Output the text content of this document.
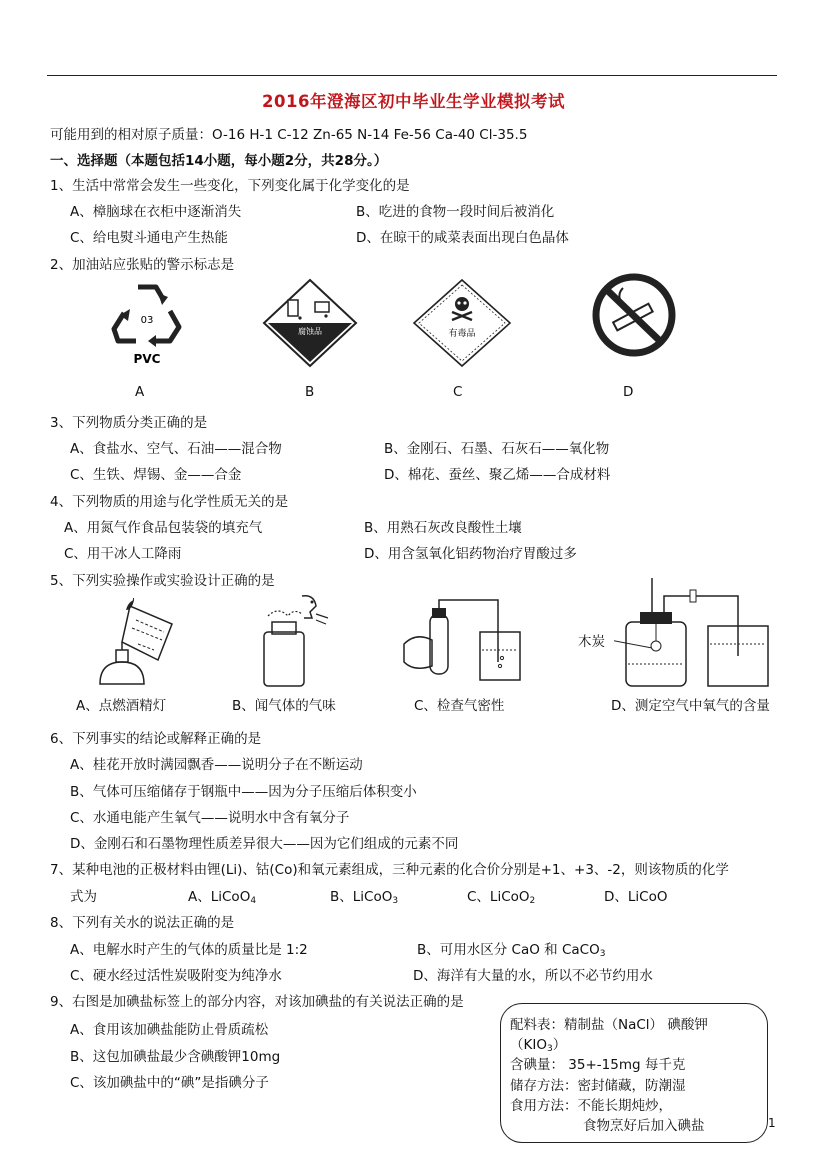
2016年澄海区初中毕业生学业模拟考试
可能用到的相对原子质量：O-16 H-1 C-12 Zn-65 N-14 Fe-56 Ca-40 Cl-35.5
一、选择题（本题包括14小题，每小题2分，共28分。）
1、生活中常常会发生一些变化，下列变化属于化学变化的是
A、樟脑球在衣柜中逐渐消失	B、吃进的食物一段时间后被消化
C、给电熨斗通电产生热能	D、在晾干的咸菜表面出现白色晶体
2、加油站应张贴的警示标志是
03
PVC
腐蚀品	有毒品
A	B	C	D
3、下列物质分类正确的是
A、食盐水、空气、石油——混合物	B、金刚石、石墨、石灰石——氧化物
C、生铁、焊锡、金——合金	D、棉花、蚕丝、聚乙烯——合成材料
4、下列物质的用途与化学性质无关的是
A、用氮气作食品包装袋的填充气	B、用熟石灰改良酸性土壤
C、用干冰人工降雨	D、用含氢氧化铝药物治疗胃酸过多
5、下列实验操作或实验设计正确的是
木炭
A、点燃酒精灯	B、闻气体的气味	C、检查气密性	D、测定空气中氧气的含量
6、下列事实的结论或解释正确的是
A、桂花开放时满园飘香——说明分子在不断运动
B、气体可压缩储存于钢瓶中——因为分子压缩后体积变小
C、水通电能产生氧气——说明水中含有氧分子
D、金刚石和石墨物理性质差异很大——因为它们组成的元素不同
7、某种电池的正极材料由锂(Li)、钴(Co)和氧元素组成，三种元素的化合价分别是+1、+3、-2，则该物质的化学
式为	A、LiCoO$_4$	B、LiCoO$_3$	C、LiCoO$_2$	D、LiCoO
8、下列有关水的说法正确的是
A、电解水时产生的气体的质量比是 1:2	B、可用水区分 CaO 和 CaCO$_3$
C、硬水经过活性炭吸附变为纯净水	D、海洋有大量的水，所以不必节约用水
9、右图是加碘盐标签上的部分内容，对该加碘盐的有关说法正确的是
A、食用该加碘盐能防止骨质疏松
B、这包加碘盐最少含碘酸钾10mg
C、该加碘盐中的“碘”是指碘分子
配料表：精制盐（NaCl） 碘酸钾
$(KIO_3)$
含碘量： 35+-15mg 每千克
储存方法：密封储藏，防潮湿
食用方法：不能长期炖炒，
食物烹好后加入碘盐	1
